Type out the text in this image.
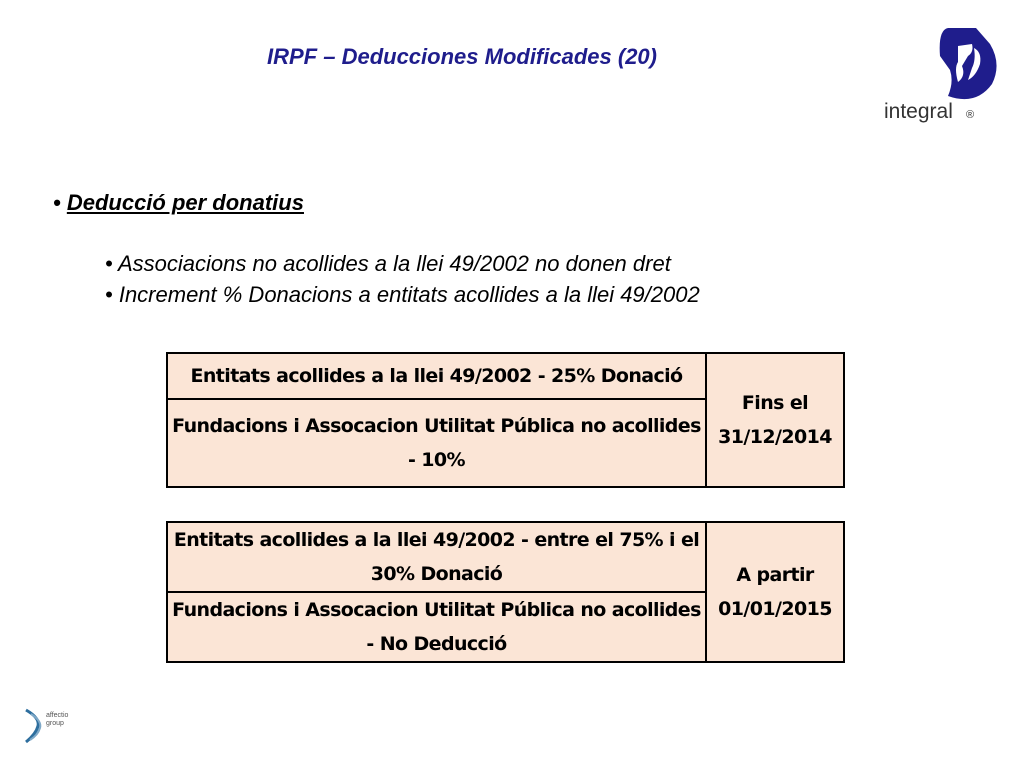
IRPF – Deducciones Modificades (20)
integral ®
• Deducció per donatius
• Associacions no acollides a la llei 49/2002 no donen dret
• Increment % Donacions a entitats acollides a la llei 49/2002
Entitats acollides a la llei 49/2002 - 25% Donació	Fins el 31/12/2014
Fundacions i Assocacion Utilitat Pública no acollides - 10%
Entitats acollides a la llei 49/2002 - entre el 75% i el 30% Donació	A partir 01/01/2015
Fundacions i Assocacion Utilitat Pública no acollides - No Deducció
affectio
group
